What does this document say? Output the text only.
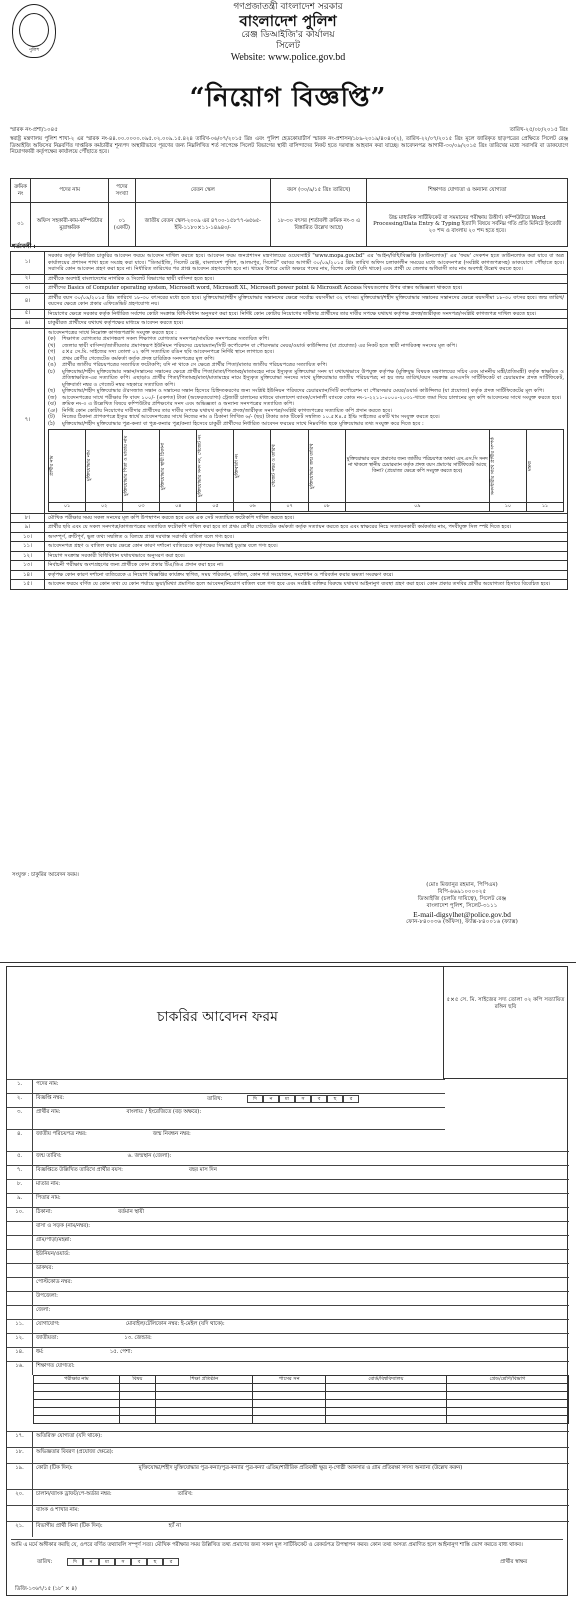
পুলিশ
গণপ্রজাতন্ত্রী বাংলাদেশ সরকার
বাংলাদেশ পুলিশ
রেঞ্জ ডিআইজি'র কার্যালয়
সিলেট
Website: www.police.gov.bd
“নিয়োগ বিজ্ঞপ্তি”
স্মারক নং-প্রশা/১০৪৫	তারিখ-২৫/০৮/২০১৫ খ্রিঃ
স্বরাষ্ট্র মন্ত্রণালয় পুলিশ শাখা-২ এর স্মারক নং-৪৪.০০.০০০০.০৯৫.০২.০০৯.১৫.৪২৪ তারিখ-০৬/০৭/২০১৫ খ্রিঃ এবং পুলিশ হেডকোয়ার্টার্স স্মারক নং-প্রশাসন/১৮৯-২০১৯/৪০৪০(২), তারিখ-২২/০৭/২০১৫ খ্রিঃ মূলে জারিকৃত ছাড়পত্রের প্রেক্ষিতে সিলেট রেঞ্জ ডিআইজি অফিসের নিম্নবর্ণিত দাপ্তরিক কর্মচারীর শূন্যপদ অস্থায়ীভাবে পূরণের জন্য নিম্নলিখিত শর্ত সাপেক্ষে সিলেট বিভাগের স্থায়ী বাসিন্দাদের নিকট হতে দরখাস্ত আহবান করা যাচ্ছে। আবেদনপত্র আগামী-৩০/০৯/২০১৫ খ্রিঃ তারিখের মধ্যে সরাসরি বা ডাকযোগে নিয়োগকারী কর্তৃপক্ষের কার্যালয়ে পৌঁছাতে হবে।
ক্রমিক নং	পদের নাম	পদের সংখ্যা	বেতন স্কেল	বয়স (৩০/৯/১৫ খ্রিঃ তারিখে)	শিক্ষাগত যোগ্যতা ও অন্যান্য যোগ্যতা
০১	অফিস সহকারী-কাম-কম্পিউটার মুদ্রাক্ষরিক	০১ (একটি)	জাতীয় বেতন স্কেল-২০০৯ এর ৪৭০০-১৫৮৭৭-৬৫৬৫-ইবি-১১৮০×১১-১৪৯৪০/-	১৮-৩০ বৎসর (শর্তাবলী ক্রমিক নং-৩ এ বিস্তারিত উল্লেখ আছে)	উচ্চ মাধ্যমিক সার্টিফিকেট বা সমমানের পরীক্ষায় উত্তীর্ণ। কম্পিউটারে Word Processing/Data Entry & Typing ইত্যাদি বিষয়ে সর্বনিম্ন গতি প্রতি মিনিটে ইংরেজী ২০ শব্দ ও বাংলায় ২০ শব্দ হতে হবে।
শর্তাবলী :
১।	সরকার কর্তৃক নির্ধারিত চাকুরির আবেদন ফরমে আবেদন দাখিল করতে হবে। আবেদন ফরম জনপ্রশাসন মন্ত্রণালয়ের ওয়েবসাইট "www.mopa.gov.bd" এর 'আইন/বিধি/বিজ্ঞপ্তি (ডাউনলোড)' এর 'ফরম' সেকশন হতে ডাউনলোড করা যাবে বা অত্র কার্যালয়ের প্রশাসন শাখা হতে সংগ্রহ করা যাবে। "ডিআইজি, সিলেট রেঞ্জ, বাংলাদেশ পুলিশ, আলমপুর, সিলেট" বরাবর আগামী ৩০/০৯/২০১৫ খ্রিঃ তারিখ অফিস চলাকালীন সময়ের মধ্যে আবেদনপত্র (সংশ্লিষ্ট কাগজপত্রসহ) ডাকযোগে পৌঁছাতে হবে। সরাসরি কোন আবেদন গ্রহণ করা হবে না। নির্ধারিত তারিখের পর প্রাপ্ত আবেদন গ্রহণযোগ্য হবে না। খামের উপরে মোটা অক্ষরে পদের নাম, বিশেষ কোটা (যদি থাকে) এবং প্রার্থী যে জেলার অধিবাসী তার নাম অবশ্যই উল্লেখ করতে হবে।
২।	প্রার্থীকে অবশ্যই বাংলাদেশের নাগরিক ও সিলেট বিভাগের স্থায়ী বাসিন্দা হতে হবে।
৩।	প্রার্থীদের Basics of Computer operating system, Microsoft word, Microsoft XL, Microsoft power point & Microsoft Access বিষয়গুলোর উপর বাস্তব অভিজ্ঞতা থাকতে হবে।
৪।	প্রার্থীর বয়স ৩০/০৯/২০১৫ খ্রিঃ তারিখে ১৮-৩০ বৎসরের মধ্যে হতে হবে। মুক্তিযোদ্ধা/শহীদ মুক্তিযোদ্ধার সন্তানদের ক্ষেত্রে সর্বোচ্চ বয়সসীমা ৩২ বৎসর। মুক্তিযোদ্ধা/শহীদ মুক্তিযোদ্ধার সন্তানের সন্তানদের ক্ষেত্রে বয়সসীমা ১৮-৩০ বৎসর হবে। জন্ম তারিখ/বয়সের ক্ষেত্রে কোন প্রকার এফিডেভিট গ্রহণযোগ্য নয়।
৫।	নিয়োগের ক্ষেত্রে সরকার কর্তৃক নির্ধারিত সর্বশেষ কোটা সংক্রান্ত বিধি-বিধান অনুসরণ করা হবে। নির্দিষ্ট কোন কোটায় নিয়োগের দাবীদার প্রার্থীদের তার দাবীর সপক্ষে যথাযথ কর্তৃপক্ষ প্রদত্ত/জারীকৃত সনদপত্র/সংশ্লিষ্ট কাগজপত্র দাখিল করতে হবে।
৬।	চাকুরীরত প্রার্থীদের যথাযথ কর্তৃপক্ষের মাধ্যমে আবেদন করতে হবে।
৭।	
আবেদনপত্রের সাথে নিম্নোক্ত কাগজপত্রাদি সংযুক্ত করতে হবে :
(ক)	শিক্ষাগত যোগ্যতার প্রমাণস্বরূপ সকল শিক্ষাগত যোগ্যতার সনদপত্র/সাময়িক সনদপত্রের সত্যায়িত কপি।
(খ)	জেলার স্থায়ী বাসিন্দা/জাতীয়তার প্রমাণস্বরূপ ইউনিয়ন পরিষদের চেয়ারম্যান/সিটি কর্পোরেশন বা পৌরসভার মেয়র/ওয়ার্ড কাউন্সিলর (যা প্রযোজ্য) এর নিকট হতে স্থায়ী নাগরিকত্ব সনদের মূল কপি।
(গ)	৫×৫ সে.মি. সাইজের সদ্য তোলা ০২ কপি সত্যায়িত রঙিন ছবি আবেদনপত্রে নির্দিষ্ট স্থানে লাগাতে হবে।
(ঘ)	প্রথম শ্রেণীর গেজেটেড কর্মকর্তা কর্তৃক প্রদত্ত চারিত্রিক সনদপত্রের মূল কপি।
(ঙ)	প্রার্থীর জাতীয় পরিচয়পত্রের সত্যায়িত ফটোকপি; যদি না থাকে সে ক্ষেত্রে প্রার্থীর পিতা/মাতার জাতীয় পরিচয়পত্রের সত্যায়িত কপি।
(চ)	মুক্তিযোদ্ধা/শহীদ মুক্তিযোদ্ধার সন্তান/সন্তানের সন্তানের ক্ষেত্রে প্রার্থীর পিতা/মাতা/পিতামহ/মাতামহের নামে ইস্যুকৃত মুক্তিযোদ্ধা সনদ যা যথাযথভাবে উপযুক্ত কর্তৃপক্ষ (মুক্তিযুদ্ধ বিষয়ক মন্ত্রণালয়ের সচিব এবং মাননীয় মন্ত্রী/প্রতিমন্ত্রী) কর্তৃক স্বাক্ষরিত ও প্রতিস্বাক্ষরিত-এর সত্যায়িত কপি। এছাড়াও প্রার্থীর পিতা/পিতামহ/মাতা/মাতামহের নামে ইস্যুকৃত মুক্তিযোদ্ধা সনদের সাথে মুক্তিযোদ্ধার জাতীয় পরিচয়পত্র; না হয় জন্ম তারিখ/বয়স সংক্রান্ত এসএসসি সার্টিফিকেট বা চেয়ারম্যান প্রদত্ত সার্টিফিকেট, মুক্তিবার্তা নম্বর ও গেজেট নম্বর সহকারে সত্যায়িত কপি।
(ছ)	মুক্তিযোদ্ধা/শহীদ মুক্তিযোদ্ধার ঔরসজাত সন্তান ও সন্তানের সন্তান হিসেবে চিহ্নিতকরণের জন্য সংশ্লিষ্ট ইউনিয়ন পরিষদের চেয়ারম্যান/সিটি কর্পোরেশন বা পৌরসভার মেয়র/ওয়ার্ড কাউন্সিলর (যা প্রযোজ্য) কর্তৃক প্রদত্ত সার্টিফিকেটের মূল কপি।
(জ)	আবেদনপত্রের সাথে পরীক্ষার ফি বাবদ ১০০/- (একশত) টাকা (অফেরতযোগ্য) ট্রেজারী চালানের মাধ্যমে বাংলাদেশ ব্যাংক/সোনালী ব্যাংকে কোড নং-১-২২১১-০০০০-২০৩১-খাতে জমা দিয়ে চালানের মূল কপি আবেদনের সাথে সংযুক্ত করতে হবে।
(ঝ)	ক্রমিক নং-৩ এ উল্লেখিত বিষয়ে কম্পিউটার প্রশিক্ষণের সনদ এবং অভিজ্ঞতা ও অন্যান্য সনদপত্রের সত্যায়িত কপি।
(ঞ) নির্দিষ্ট কোন কোটায় নিয়োগের দাবীদার প্রার্থীদের তার দাবীর সপক্ষে যথাযথ কর্তৃপক্ষ প্রদত্ত/জারীকৃত সনদপত্র/সংশ্লিষ্ট কাগজপত্রের সত্যায়িত কপি প্রদান করতে হবে।
(ট)	নিজের ঠিকানা প্রাপকপত্রে ইস্যুর স্বার্থে আবেদনপত্রের সাথে নিজের নাম ও ঠিকানা লিখিত ৬/- (ছয়) টাকার ডাক টিকেট সম্বলিত ১০.৫×৪.৫ ইঞ্চি সাইজের একটি খাম সংযুক্ত করতে হবে।
(ঠ)	মুক্তিযোদ্ধা/শহীদ মুক্তিযোদ্ধার পুত্র-কন্যা বা পুত্র-কন্যার পুত্র/কন্যা হিসেবে চাকুরী প্রার্থীদের নির্ধারিত আবেদন ফরমের সাথে নিম্নবর্ণিত ছকে মুক্তিযোদ্ধার তথ্য সংযুক্ত করে দিতে হবে :
প্রার্থীর নাম	মুক্তিযোদ্ধার নাম	মুক্তিযোদ্ধার পিতা ও মাতার নাম	মুক্তিযোদ্ধার স্থায়ী ঠিকানা	মুক্তিযোদ্ধার সনদ নং, গেজেট নং	মুক্তিবার্তা নং	গেজেট নম্বর ও তারিখ	মুক্তিযোদ্ধার জন্ম তারিখ	মুক্তিযোদ্ধার বয়স প্রমাণের জন্য জাতীয় পরিচয়পত্র অথবা এস.এস.সি সনদ না থাকলে স্থানীয় চেয়ারম্যান কর্তৃক প্রদত্ত বয়স প্রমাণের সার্টিফিকেট আছে কিনা? (প্রযোজ্য ক্ষেত্রে কপি সংযুক্ত করতে হবে)	সনদধারীর সাথে প্রার্থীর সম্পর্ক	মন্তব্য

০১	০২	০৩	০৪	০৫	০৬	০৭	০৮	০৯	১০	১১

৮।	মৌখিক পরীক্ষার সময় সকল সনদের মূল কপি উপস্থাপন করতে হবে এবং এক সেট সত্যায়িত ফটোকপি দাখিল করতে হবে।
৯।	প্রার্থীর ছবি এবং যে সকল সনদপত্র/কাগজপত্রের সত্যায়িত ফটোকপি দাখিল করা হবে তা প্রথম শ্রেণীর গেজেটেড কর্মকর্তা কর্তৃক সত্যায়ন করতে হবে এবং স্বাক্ষরের নিচে সত্যায়নকারী কর্মকর্তার নাম, পদবীযুক্ত সিল স্পষ্ট দিতে হবে।
১০।	অসম্পূর্ণ, ক্রটিপূর্ণ, ভুল তথ্য সম্বলিত ও বিলম্বে প্রাপ্ত দরখাস্ত সরাসরি বাতিল বলে গণ্য হবে।
১১।	আবেদনপত্র গ্রহণ ও বাতিল করার ক্ষেত্রে কোন কারণ দর্শানো ব্যতিরেকে কর্তৃপক্ষের সিদ্ধান্তই চূড়ান্ত বলে গণ্য হবে।
১২।	নিয়োগ সংক্রান্ত সরকারী বিধিবিধান যথাযথভাবে অনুসরণ করা হবে।
১৩।	নির্বাচনী পরীক্ষায় অংশগ্রহণের জন্য প্রার্থীকে কোন প্রকার টিএ/ডিএ প্রদান করা হবে না।
১৪।	কর্তৃপক্ষ কোন কারণ দর্শানো ব্যতিরেকে এ নিয়োগ বিজ্ঞপ্তির কার্যক্রম স্থগিত, সময় পরিবর্তন, বাতিল, কোন শর্ত সংযোজন, সংশোধন ও পরিবর্তন করার ক্ষমতা সংরক্ষণ করে।
১৫।	আবেদন ফরমে বর্ণিত যে কোন তথ্য যে কোন পর্যায়ে ভুয়া/মিথ্যা প্রমাণিত হলে আবেদন/নিয়োগ বাতিল বলে গণ্য হবে এবং সংশ্লিষ্ট ব্যক্তির বিরুদ্ধে যথাযথ আইনানুগ ব্যবস্থা গ্রহণ করা হবে। কোন প্রকার তদবির প্রার্থীর অযোগ্যতা হিসাবে বিবেচিত হবে।
সংযুক্ত : চাকুরির আবেদন ফরম।
(মোঃ মিজানুর রহমান, পিপিএম)
বিপি-৬৬৯১০০০০২৫
ডিআইজি (চলতি দায়িত্বে), সিলেট রেঞ্জ
বাংলাদেশ পুলিশ, সিলেট-৩১১১
E-mail-digsylhet@police.gov.bd
ফোন-৮৪০০৩৬ (অফিস), ফ্যাক্স-৮৪০০১৬ (ফ্যাক্স)
৫×৫ সে. মি. সাইজের সদ্য তোলা ০২ কপি সত্যায়িত রঙ্গিন ছবি
চাকরির আবেদন ফরম
১.	পদের নাম:
২.	বিজ্ঞপ্তি নম্বর:	তারিখ:	দি	ন	মা	স	ব	ছ	র
৩.	প্রার্থীর নাম:	বাংলায়: / ইংরেজিতে (বড় অক্ষরে):
৪.	জাতীয় পরিচয়পত্র নম্বর:	জন্ম নিবন্ধন নম্বর:
৫.	জন্ম তারিখ:	৬. জন্মস্থান (জেলা):
৭.	বিজ্ঞপ্তিতে উল্লিখিত তারিখে প্রার্থীর বয়স:	বছর মাস দিন
৮.	মাতার নাম:
৯.	পিতার নাম:
১০.	ঠিকানা:	বর্তমান স্থায়ী
বাসা ও সড়ক (নাম/নম্বর):
গ্রাম/পাড়া/মহল্লা:
ইউনিয়ন/ওয়ার্ড:
ডাকঘর:
পোস্টকোড নম্বর:
উপজেলা:
জেলা:
১১.	যোগাযোগ:	মোবাইল/টেলিফোন নম্বর: ই-মেইল (যদি থাকে):
১২.	জাতীয়তা:	১৩. জেন্ডার:
১৪.	ধর্ম:	১৫. পেশা:
১৬.	শিক্ষাগত যোগ্যতা:
পরীক্ষার নাম	বিষয়	শিক্ষা প্রতিষ্ঠান	পাসের সন	বোর্ড/বিশ্ববিদ্যালয়	গ্রেড/শ্রেণি/বিভাগ

১৭.	অতিরিক্ত যোগ্যতা (যদি থাকে):
১৮.	অভিজ্ঞতার বিবরণ (প্রযোজ্য ক্ষেত্রে):
১৯.	কোটা (টিক দিন):	মুক্তিযোদ্ধা/শহীদ মুক্তিযোদ্ধার পুত্র-কন্যা/পুত্র-কন্যার পুত্র-কন্যা এতিম/শারীরিক প্রতিবন্ধী ক্ষুদ্র নৃ-গোষ্ঠী আনসার ও গ্রাম প্রতিরক্ষা সদস্য অন্যান্য (উল্লেখ করুন)
২০.	চালান/ব্যাংক ড্রাফট/পে-অর্ডার নম্বর:	তারিখ:
ব্যাংক ও শাখার নাম:
২১.	বিভাগীয় প্রার্থী কিনা (টিক দিন):	হ্যাঁ না
আমি এ মর্মে অঙ্গীকার করছি যে, ওপরে বর্ণিত তথ্যাবলি সম্পূর্ণ সত্য। মৌখিক পরীক্ষার সময় উল্লিখিত তথ্য প্রমাণের জন্য সকল মূল সার্টিফিকেট ও রেকর্ডপত্র উপস্থাপন করব। কোন তথ্য অসত্য প্রমাণিত হলে আইনানুগ শাস্তি ভোগ করতে বাধ্য থাকব।
প্রার্থীর স্বাক্ষর
তারিখ:	দি	ন	মা	স	ব	ছ	র
ডিজি-১৩৬৭/১৫ (১৮″ × ৪)
